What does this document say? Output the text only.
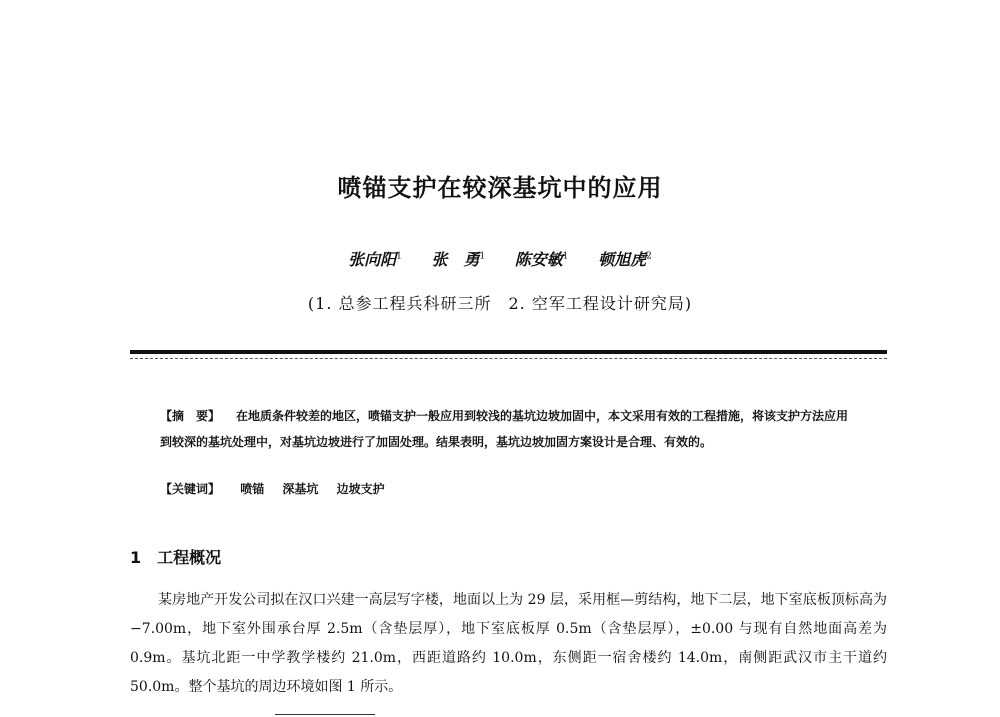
喷锚支护在较深基坑中的应用
张向阳$^1$ 张　勇$^1$ 陈安敏$^1$ 顿旭虎$^2$
(1. 总参工程兵科研三所　2. 空军工程设计研究局)
【摘　要】 在地质条件较差的地区，喷锚支护一般应用到较浅的基坑边坡加固中，本文采用有效的工程措施，将该支护方法应用到较深的基坑处理中，对基坑边坡进行了加固处理。结果表明，基坑边坡加固方案设计是合理、有效的。
【关键词】 喷锚 深基坑 边坡支护
1 工程概况

某房地产开发公司拟在汉口兴建一高层写字楼，地面以上为 29 层，采用框—剪结构，地下二层，地下室底板顶标高为−7.00m，地下室外围承台厚 2.5m（含垫层厚），地下室底板厚 0.5m（含垫层厚），±0.00 与现有自然地面高差为 0.9m。基坑北距一中学教学楼约 21.0m，西距道路约 10.0m，东侧距一宿舍楼约 14.0m，南侧距武汉市主干道约 50.0m。整个基坑的周边环境如图 1 所示。
